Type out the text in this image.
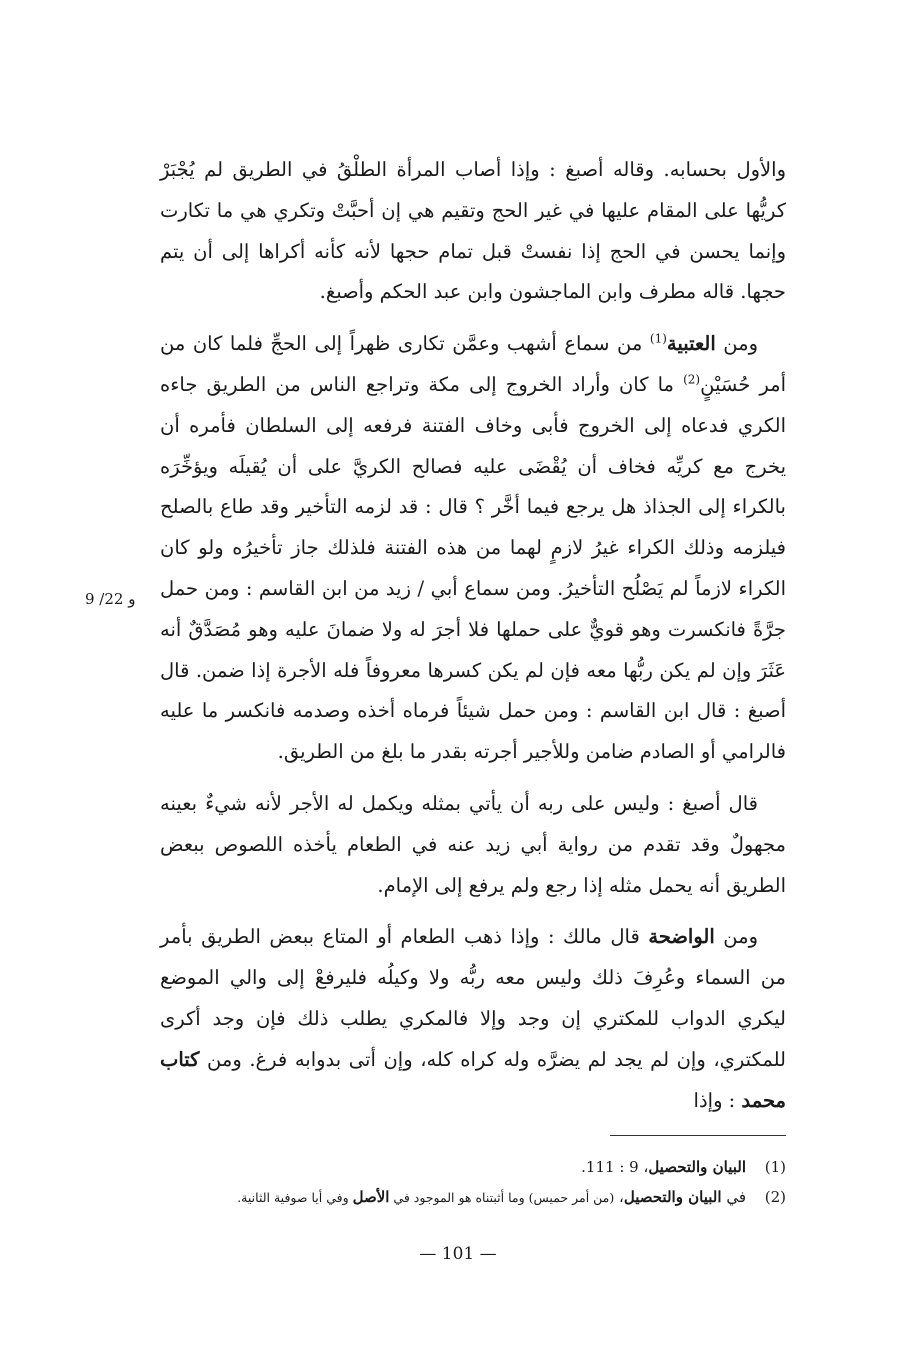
والأول بحسابه. وقاله أصبغ : وإذا أصاب المرأة الطلْقُ في الطريق لم يُجْبَرْ كريُّها على المقام عليها في غير الحج وتقيم هي إن أحبَّتْ وتكري هي ما تكارت وإنما يحسن في الحج إذا نفستْ قبل تمام حجها لأنه كأنه أكراها إلى أن يتم حجها. قاله مطرف وابن الماجشون وابن عبد الحكم وأصبغ.

ومن العتبية$^{(1)}$ من سماع أشهب وعمَّن تكارى ظهراً إلى الحجِّ فلما كان من أمر حُسَيْنٍ$^{(2)}$ ما كان وأراد الخروج إلى مكة وتراجع الناس من الطريق جاءه الكري فدعاه إلى الخروج فأبى وخاف الفتنة فرفعه إلى السلطان فأمره أن يخرج مع كريِّه فخاف أن يُقْضَى عليه فصالح الكريَّ على أن يُقيلَه ويؤخِّرَه بالكراء إلى الجذاذ هل يرجع فيما أخَّر ؟ قال : قد لزمه التأخير وقد طاع بالصلح فيلزمه وذلك الكراء غيرُ لازمٍ لهما من هذه الفتنة فلذلك جاز تأخيرُه ولو كان الكراء لازماً لم يَصْلُح التأخيرُ. ومن سماع أبي / زيد من ابن القاسم : ومن حمل جرَّةً فانكسرت وهو قويٌّ على حملها فلا أجرَ له ولا ضمانَ عليه وهو مُصَدَّقٌ أنه عَثَرَ وإن لم يكن ربُّها معه فإن لم يكن كسرها معروفاً فله الأجرة إذا ضمن. قال أصبغ : قال ابن القاسم : ومن حمل شيئاً فرماه أخذه وصدمه فانكسر ما عليه فالرامي أو الصادم ضامن وللأجير أجرته بقدر ما بلغ من الطريق.

قال أصبغ : وليس على ربه أن يأتي بمثله ويكمل له الأجر لأنه شيءٌ بعينه مجهولٌ وقد تقدم من رواية أبي زيد عنه في الطعام يأخذه اللصوص ببعض الطريق أنه يحمل مثله إذا رجع ولم يرفع إلى الإمام.

ومن الواضحة قال مالك : وإذا ذهب الطعام أو المتاع ببعض الطريق بأمر من السماء وعُرِفَ ذلك وليس معه ربُّه ولا وكيلُه فليرفعْ إلى والي الموضع ليكري الدواب للمكتري إن وجد وإلا فالمكري يطلب ذلك فإن وجد أكرى للمكتري، وإن لم يجد لم يضرَّه وله كراه كله، وإن أتى بدوابه فرغ. ومن كتاب محمد : وإذا

9 /22 و
(1)
البيان والتحصيل، 9 : 111.
(2)
في البيان والتحصيل، (من أمر حميس) وما أثبتناه هو الموجود في الأصل وفي أيا صوفية الثانية.
— 101 —
